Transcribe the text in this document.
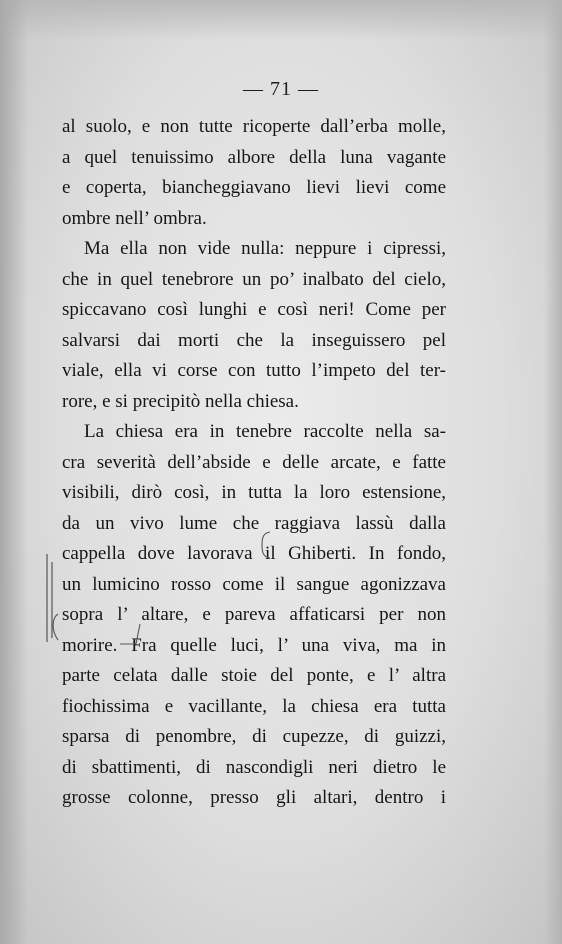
— 71 —
al suolo, e non tutte ricoperte dall’erba molle,
a quel tenuissimo albore della luna vagante
e coperta, biancheggiavano lievi lievi come
ombre nell’ ombra.
Ma ella non vide nulla: neppure i cipressi,
che in quel tenebrore un po’ inalbato del cielo,
spiccavano così lunghi e così neri! Come per
salvarsi dai morti che la inseguissero pel
viale, ella vi corse con tutto l’impeto del ter-
rore, e si precipitò nella chiesa.
La chiesa era in tenebre raccolte nella sa-
cra severità dell’abside e delle arcate, e fatte
visibili, dirò così, in tutta la loro estensione,
da un vivo lume che raggiava lassù dalla
cappella dove lavorava il Ghiberti. In fondo,
un lumicino rosso come il sangue agonizzava
sopra l’ altare, e pareva affaticarsi per non
morire. Fra quelle luci, l’ una viva, ma in
parte celata dalle stoie del ponte, e l’ altra
fiochissima e vacillante, la chiesa era tutta
sparsa di penombre, di cupezze, di guizzi,
di sbattimenti, di nascondigli neri dietro le
grosse colonne, presso gli altari, dentro i
